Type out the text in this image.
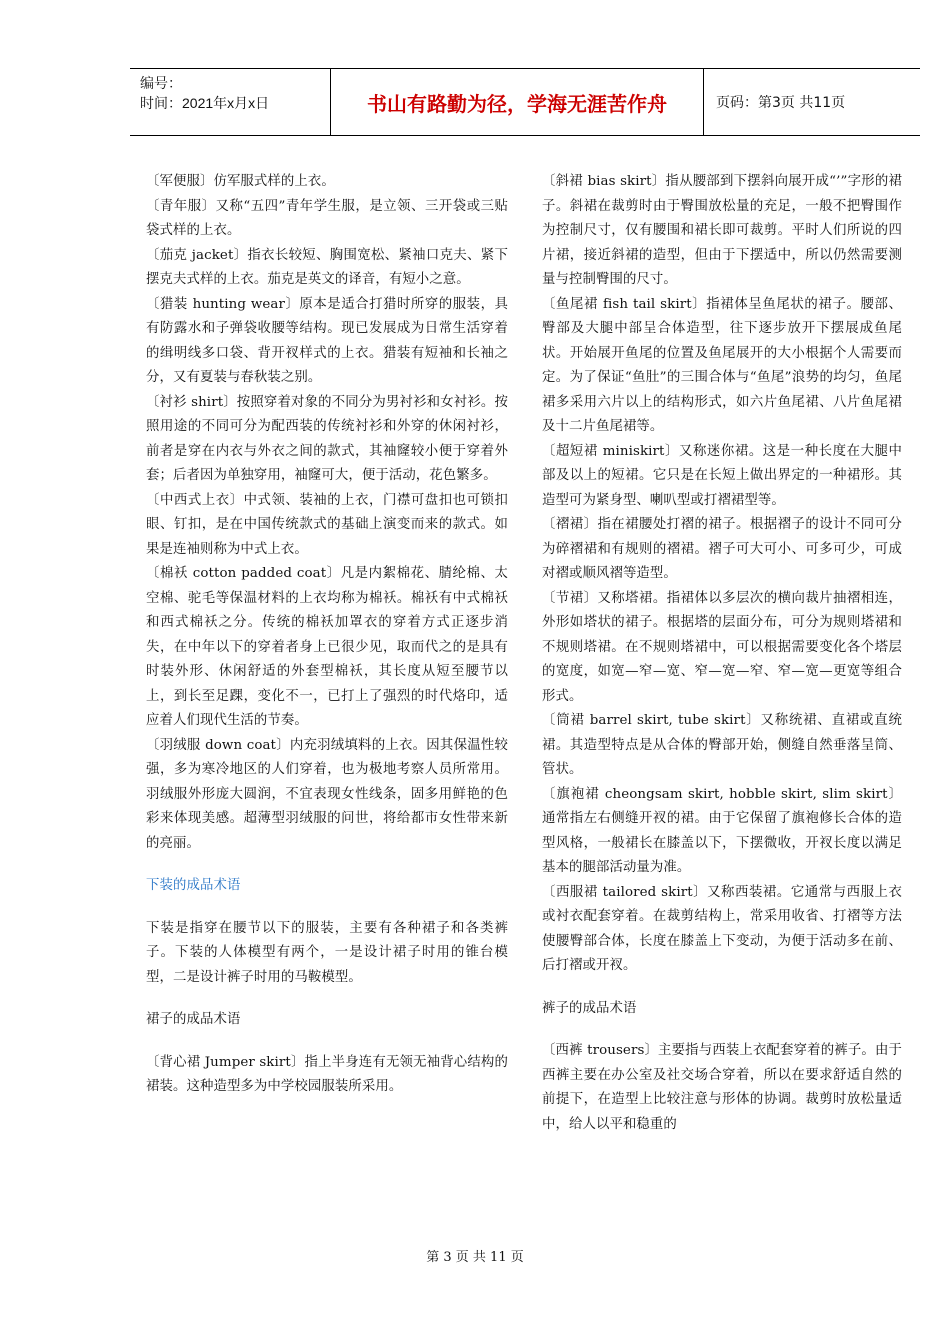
编号：
时间：2021年x月x日	书山有路勤为径，学海无涯苦作舟	页码：第3页 共11页

〔军便服〕仿军服式样的上衣。

〔青年服〕又称“五四”青年学生服，是立领、三开袋或三贴袋式样的上衣。

〔茄克 jacket〕指衣长较短、胸围宽松、紧袖口克夫、紧下摆克夫式样的上衣。茄克是英文的译音，有短小之意。

〔猎装 hunting wear〕原本是适合打猎时所穿的服装，具有防露水和子弹袋收腰等结构。现已发展成为日常生活穿着的缉明线多口袋、背开衩样式的上衣。猎装有短袖和长袖之分，又有夏装与春秋装之别。

〔衬衫 shirt〕按照穿着对象的不同分为男衬衫和女衬衫。按照用途的不同可分为配西装的传统衬衫和外穿的休闲衬衫，前者是穿在内衣与外衣之间的款式，其袖窿较小便于穿着外套；后者因为单独穿用，袖窿可大，便于活动，花色繁多。

〔中西式上衣〕中式领、装袖的上衣，门襟可盘扣也可锁扣眼、钉扣，是在中国传统款式的基础上演变而来的款式。如果是连袖则称为中式上衣。

〔棉袄 cotton padded coat〕凡是内絮棉花、腈纶棉、太空棉、驼毛等保温材料的上衣均称为棉袄。棉袄有中式棉袄和西式棉袄之分。传统的棉袄加罩衣的穿着方式正逐步消失，在中年以下的穿着者身上已很少见，取而代之的是具有时装外形、休闲舒适的外套型棉袄，其长度从短至腰节以上，到长至足踝，变化不一，已打上了强烈的时代烙印，适应着人们现代生活的节奏。

〔羽绒服 down coat〕内充羽绒填料的上衣。因其保温性较强，多为寒冷地区的人们穿着，也为极地考察人员所常用。羽绒服外形庞大圆润，不宜表现女性线条，固多用鲜艳的色彩来体现美感。超薄型羽绒服的问世，将给都市女性带来新的亮丽。

下装的成品术语

下装是指穿在腰节以下的服装，主要有各种裙子和各类裤子。下装的人体模型有两个，一是设计裙子时用的锥台模型，二是设计裤子时用的马鞍模型。

裙子的成品术语

〔背心裙 Jumper skirt〕指上半身连有无领无袖背心结构的裙装。这种造型多为中学校园服装所采用。

〔斜裙 bias skirt〕指从腰部到下摆斜向展开成“’”字形的裙子。斜裙在裁剪时由于臀围放松量的充足，一般不把臀围作为控制尺寸，仅有腰围和裙长即可裁剪。平时人们所说的四片裙，接近斜裙的造型，但由于下摆适中，所以仍然需要测量与控制臀围的尺寸。

〔鱼尾裙 fish tail skirt〕指裙体呈鱼尾状的裙子。腰部、臀部及大腿中部呈合体造型，往下逐步放开下摆展成鱼尾状。开始展开鱼尾的位置及鱼尾展开的大小根据个人需要而定。为了保证“鱼肚”的三围合体与“鱼尾”浪势的均匀，鱼尾裙多采用六片以上的结构形式，如六片鱼尾裙、八片鱼尾裙及十二片鱼尾裙等。

〔超短裙 miniskirt〕又称迷你裙。这是一种长度在大腿中部及以上的短裙。它只是在长短上做出界定的一种裙形。其造型可为紧身型、喇叭型或打褶裙型等。

〔褶裙〕指在裙腰处打褶的裙子。根据褶子的设计不同可分为碎褶裙和有规则的褶裙。褶子可大可小、可多可少，可成对褶或顺风褶等造型。

〔节裙〕又称塔裙。指裙体以多层次的横向裁片抽褶相连，外形如塔状的裙子。根据塔的层面分布，可分为规则塔裙和不规则塔裙。在不规则塔裙中，可以根据需要变化各个塔层的宽度，如宽—窄—宽、窄—宽—窄、窄—宽—更宽等组合形式。

〔筒裙 barrel skirt, tube skirt〕又称统裙、直裙或直统裙。其造型特点是从合体的臀部开始，侧缝自然垂落呈筒、管状。

〔旗袍裙 cheongsam skirt, hobble skirt, slim skirt〕通常指左右侧缝开衩的裙。由于它保留了旗袍修长合体的造型风格，一般裙长在膝盖以下，下摆微收，开衩长度以满足基本的腿部活动量为准。

〔西服裙 tailored skirt〕又称西装裙。它通常与西服上衣或衬衣配套穿着。在裁剪结构上，常采用收省、打褶等方法使腰臀部合体，长度在膝盖上下变动，为便于活动多在前、后打褶或开衩。

裤子的成品术语

〔西裤 trousers〕主要指与西装上衣配套穿着的裤子。由于西裤主要在办公室及社交场合穿着，所以在要求舒适自然的前提下，在造型上比较注意与形体的协调。裁剪时放松量适中，给人以平和稳重的

第 3 页 共 11 页
